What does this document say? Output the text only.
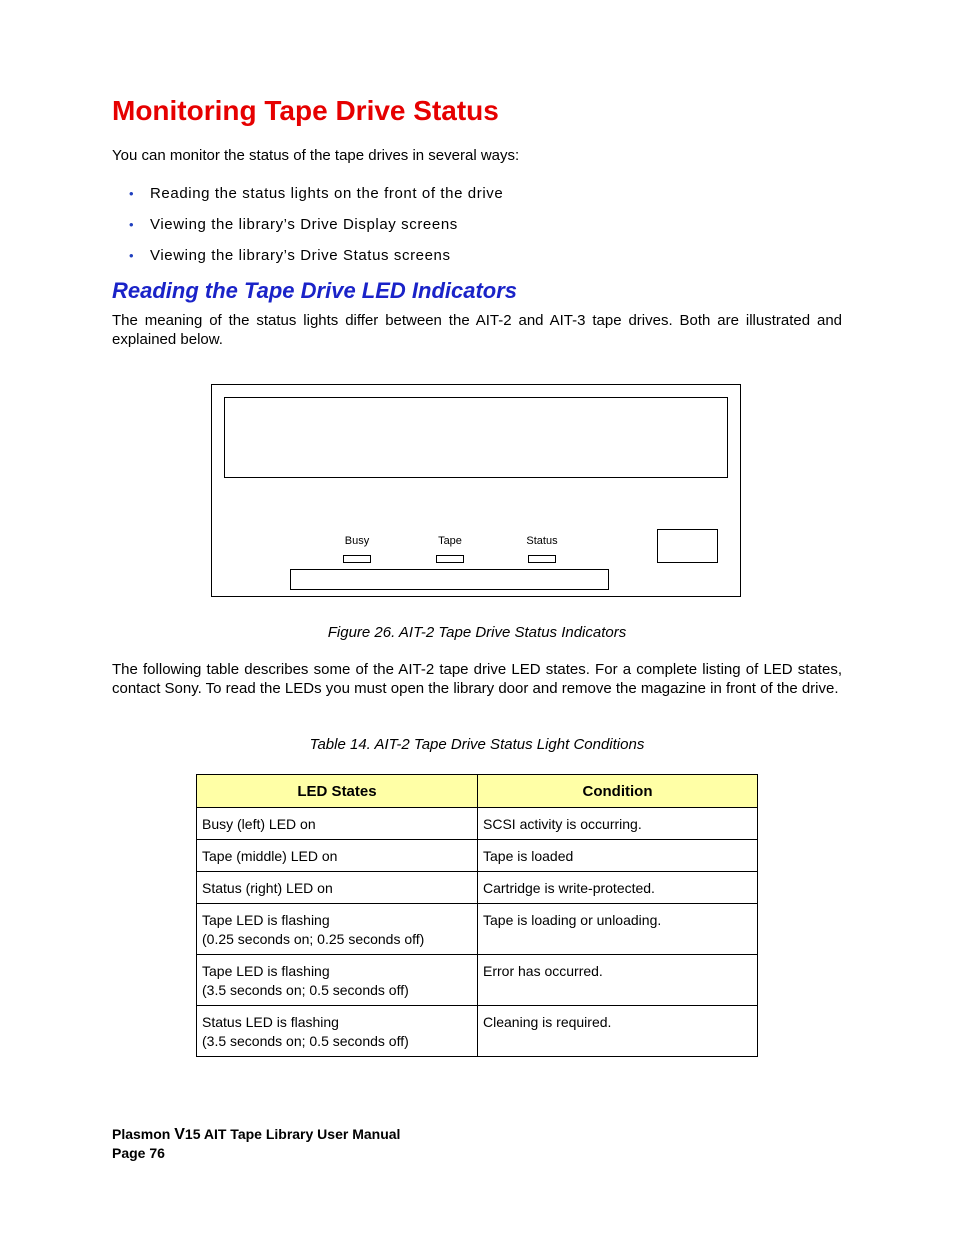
Monitoring Tape Drive Status
You can monitor the status of the tape drives in several ways:
• Reading the status lights on the front of the drive
• Viewing the library’s Drive Display screens
• Viewing the library’s Drive Status screens
Reading the Tape Drive LED Indicators
The meaning of the status lights differ between the AIT-2 and AIT-3 tape drives. Both are illustrated and explained below.
Busy	Tape	Status
Figure 26. AIT-2 Tape Drive Status Indicators
The following table describes some of the AIT-2 tape drive LED states. For a complete listing of LED states, contact Sony. To read the LEDs you must open the library door and remove the magazine in front of the drive.
Table 14. AIT-2 Tape Drive Status Light Conditions
LED States	Condition

Busy (left) LED on	SCSI activity is occurring.

Tape (middle) LED on	Tape is loaded

Status (right) LED on	Cartridge is write-protected.

Tape LED is flashing
(0.25 seconds on; 0.25 seconds off)	Tape is loading or unloading.

Tape LED is flashing
(3.5 seconds on; 0.5 seconds off)	Error has occurred.

Status LED is flashing
(3.5 seconds on; 0.5 seconds off)	Cleaning is required.
Plasmon V15 AIT Tape Library User Manual
Page 76
